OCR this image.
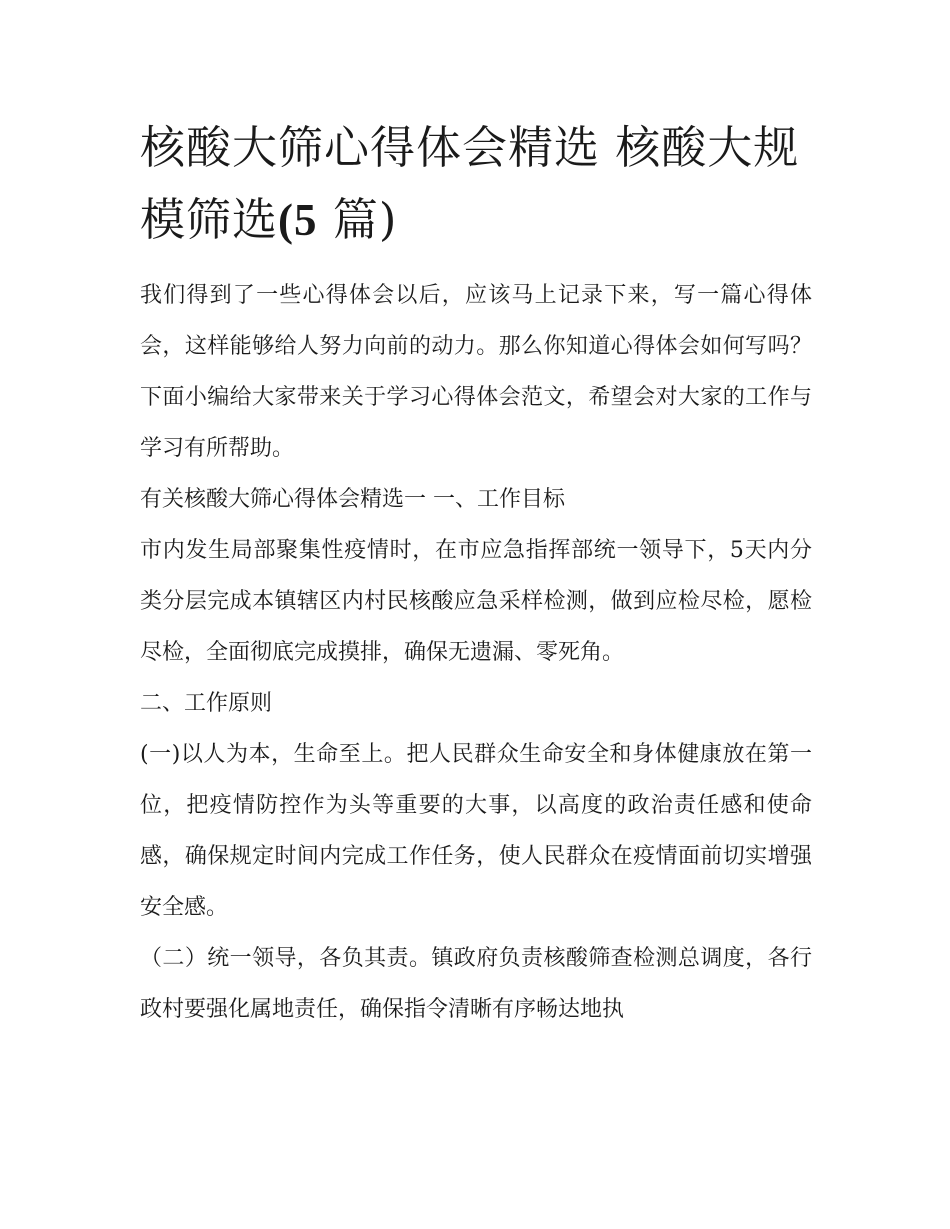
核酸大筛心得体会精选 核酸大规模筛选(5 篇)

我们得到了一些心得体会以后，应该马上记录下来，写一篇心得体会，这样能够给人努力向前的动力。那么你知道心得体会如何写吗？下面小编给大家带来关于学习心得体会范文，希望会对大家的工作与学习有所帮助。

有关核酸大筛心得体会精选一 一、工作目标

市内发生局部聚集性疫情时，在市应急指挥部统一领导下，5天内分类分层完成本镇辖区内村民核酸应急采样检测，做到应检尽检，愿检尽检，全面彻底完成摸排，确保无遗漏、零死角。

二、工作原则

(一)以人为本，生命至上。把人民群众生命安全和身体健康放在第一位，把疫情防控作为头等重要的大事，以高度的政治责任感和使命感，确保规定时间内完成工作任务，使人民群众在疫情面前切实增强安全感。

（二）统一领导，各负其责。镇政府负责核酸筛查检测总调度，各行政村要强化属地责任，确保指令清晰有序畅达地执
